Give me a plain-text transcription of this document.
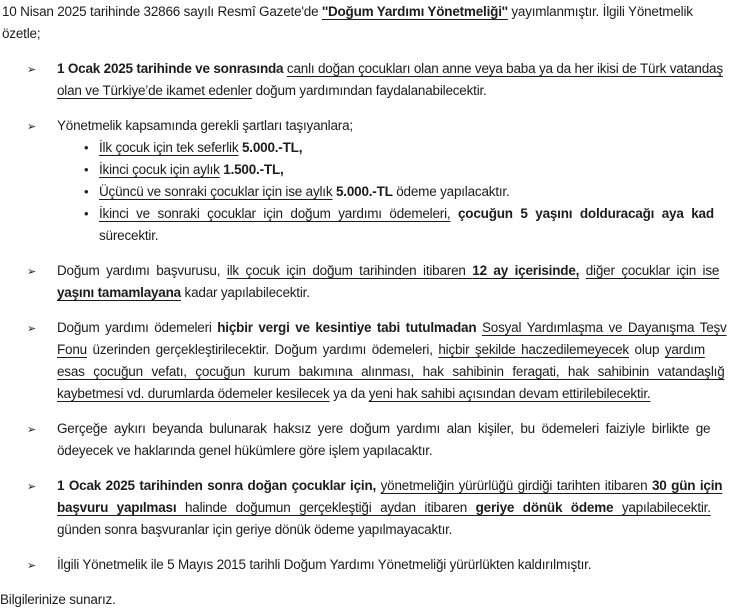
10 Nisan 2025 tarihinde 32866 sayılı Resmî Gazete'de ''Doğum Yardımı Yönetmeliği'' yayımlanmıştır. İlgili Yönetmelik
özetle;
➢ 1 Ocak 2025 tarihinde ve sonrasında canlı doğan çocukları olan anne veya baba ya da her ikisi de Türk vatandaş
olan ve Türkiye’de ikamet edenler doğum yardımından faydalanabilecektir.
➢ Yönetmelik kapsamında gerekli şartları taşıyanlara;
• İlk çocuk için tek seferlik 5.000.-TL,
• İkinci çocuk için aylık 1.500.-TL,
• Üçüncü ve sonraki çocuklar için ise aylık 5.000.-TL ödeme yapılacaktır.
• İkinci ve sonraki çocuklar için doğum yardımı ödemeleri, çocuğun 5 yaşını dolduracağı aya kad
sürecektir.
➢ Doğum yardımı başvurusu, ilk çocuk için doğum tarihinden itibaren 12 ay içerisinde, diğer çocuklar için ise
yaşını tamamlayana kadar yapılabilecektir.
➢ Doğum yardımı ödemeleri hiçbir vergi ve kesintiye tabi tutulmadan Sosyal Yardımlaşma ve Dayanışma Teşv
Fonu üzerinden gerçekleştirilecektir. Doğum yardımı ödemeleri, hiçbir şekilde haczedilemeyecek olup yardım
esas çocuğun vefatı, çocuğun kurum bakımına alınması, hak sahibinin feragati, hak sahibinin vatandaşlığ
kaybetmesi vd. durumlarda ödemeler kesilecek ya da yeni hak sahibi açısından devam ettirilebilecektir.
➢ Gerçeğe aykırı beyanda bulunarak haksız yere doğum yardımı alan kişiler, bu ödemeleri faiziyle birlikte ge
ödeyecek ve haklarında genel hükümlere göre işlem yapılacaktır.
➢ 1 Ocak 2025 tarihinden sonra doğan çocuklar için, yönetmeliğin yürürlüğü girdiği tarihten itibaren 30 gün için
başvuru yapılması halinde doğumun gerçekleştiği aydan itibaren geriye dönük ödeme yapılabilecektir.
günden sonra başvuranlar için geriye dönük ödeme yapılmayacaktır.
➢ İlgili Yönetmelik ile 5 Mayıs 2015 tarihli Doğum Yardımı Yönetmeliği yürürlükten kaldırılmıştır.
Bilgilerinize sunarız.
